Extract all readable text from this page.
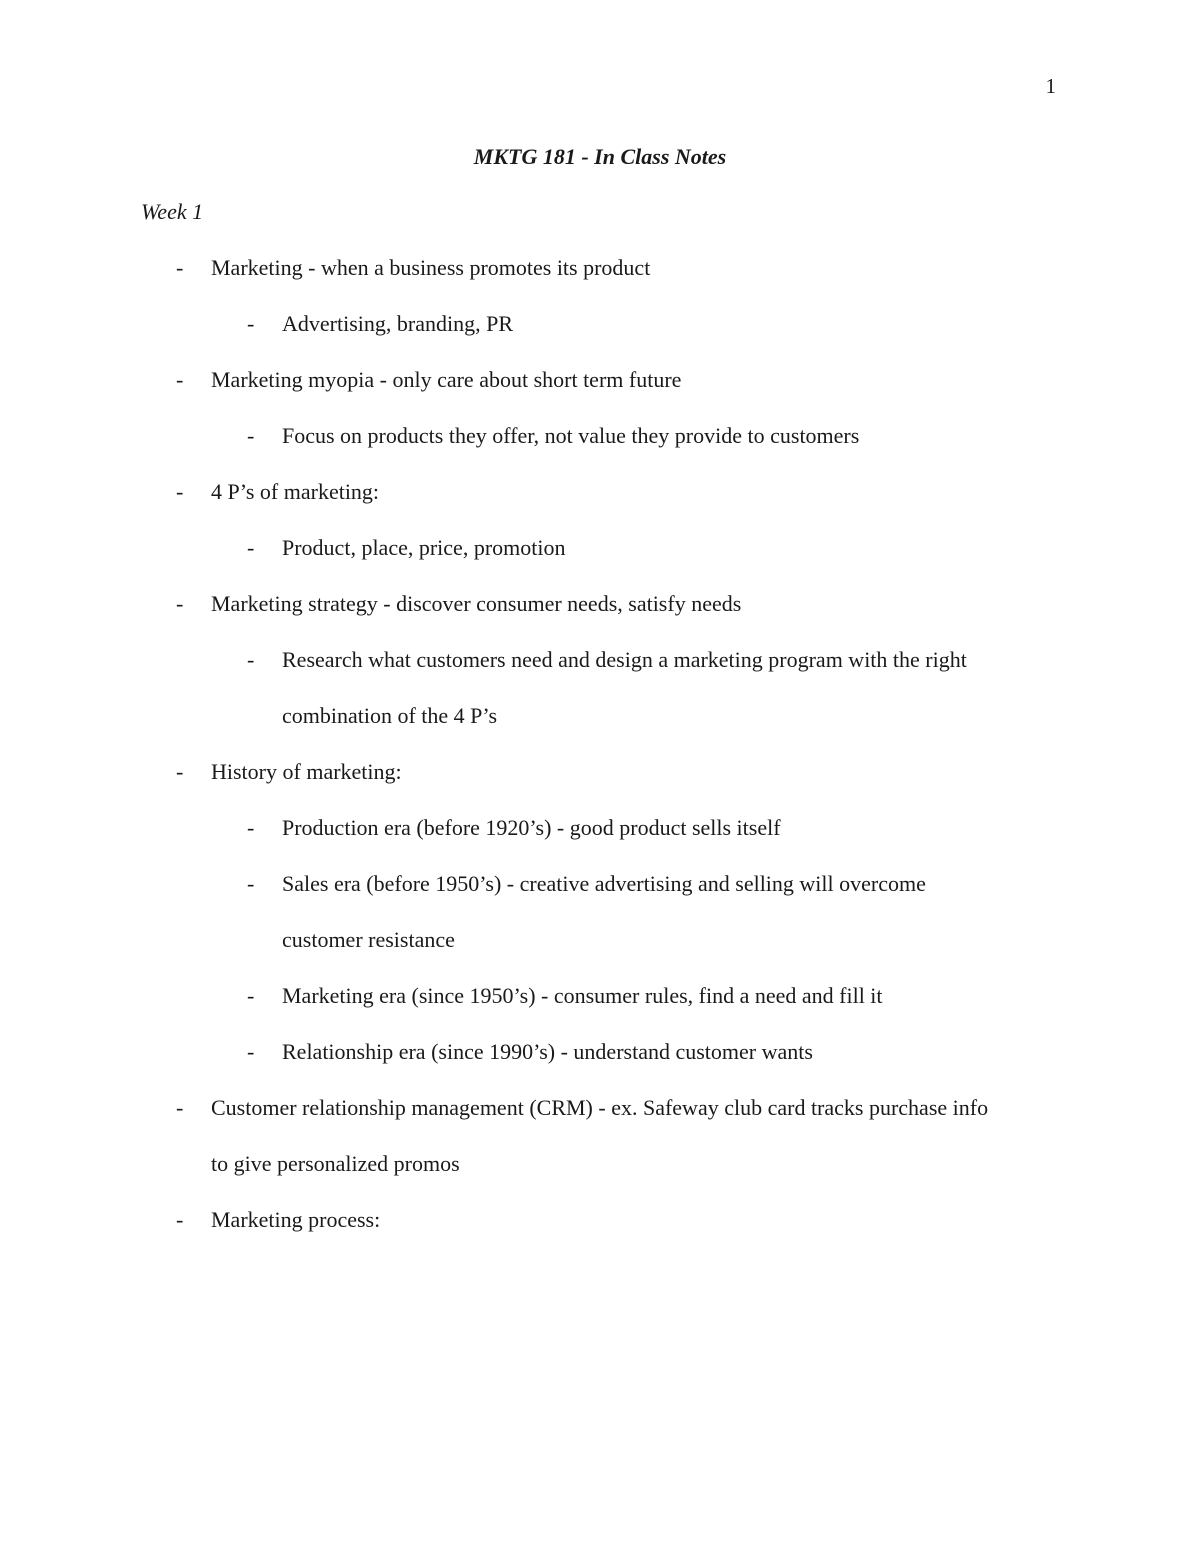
1
MKTG 181 - In Class Notes
Week 1
- Marketing - when a business promotes its product
- Advertising, branding, PR
- Marketing myopia - only care about short term future
- Focus on products they offer, not value they provide to customers
- 4 P’s of marketing:
- Product, place, price, promotion
- Marketing strategy - discover consumer needs, satisfy needs
- Research what customers need and design a marketing program with the right
combination of the 4 P’s
- History of marketing:
- Production era (before 1920’s) - good product sells itself
- Sales era (before 1950’s) - creative advertising and selling will overcome
customer resistance
- Marketing era (since 1950’s) - consumer rules, find a need and fill it
- Relationship era (since 1990’s) - understand customer wants
- Customer relationship management (CRM) - ex. Safeway club card tracks purchase info
to give personalized promos
- Marketing process:
